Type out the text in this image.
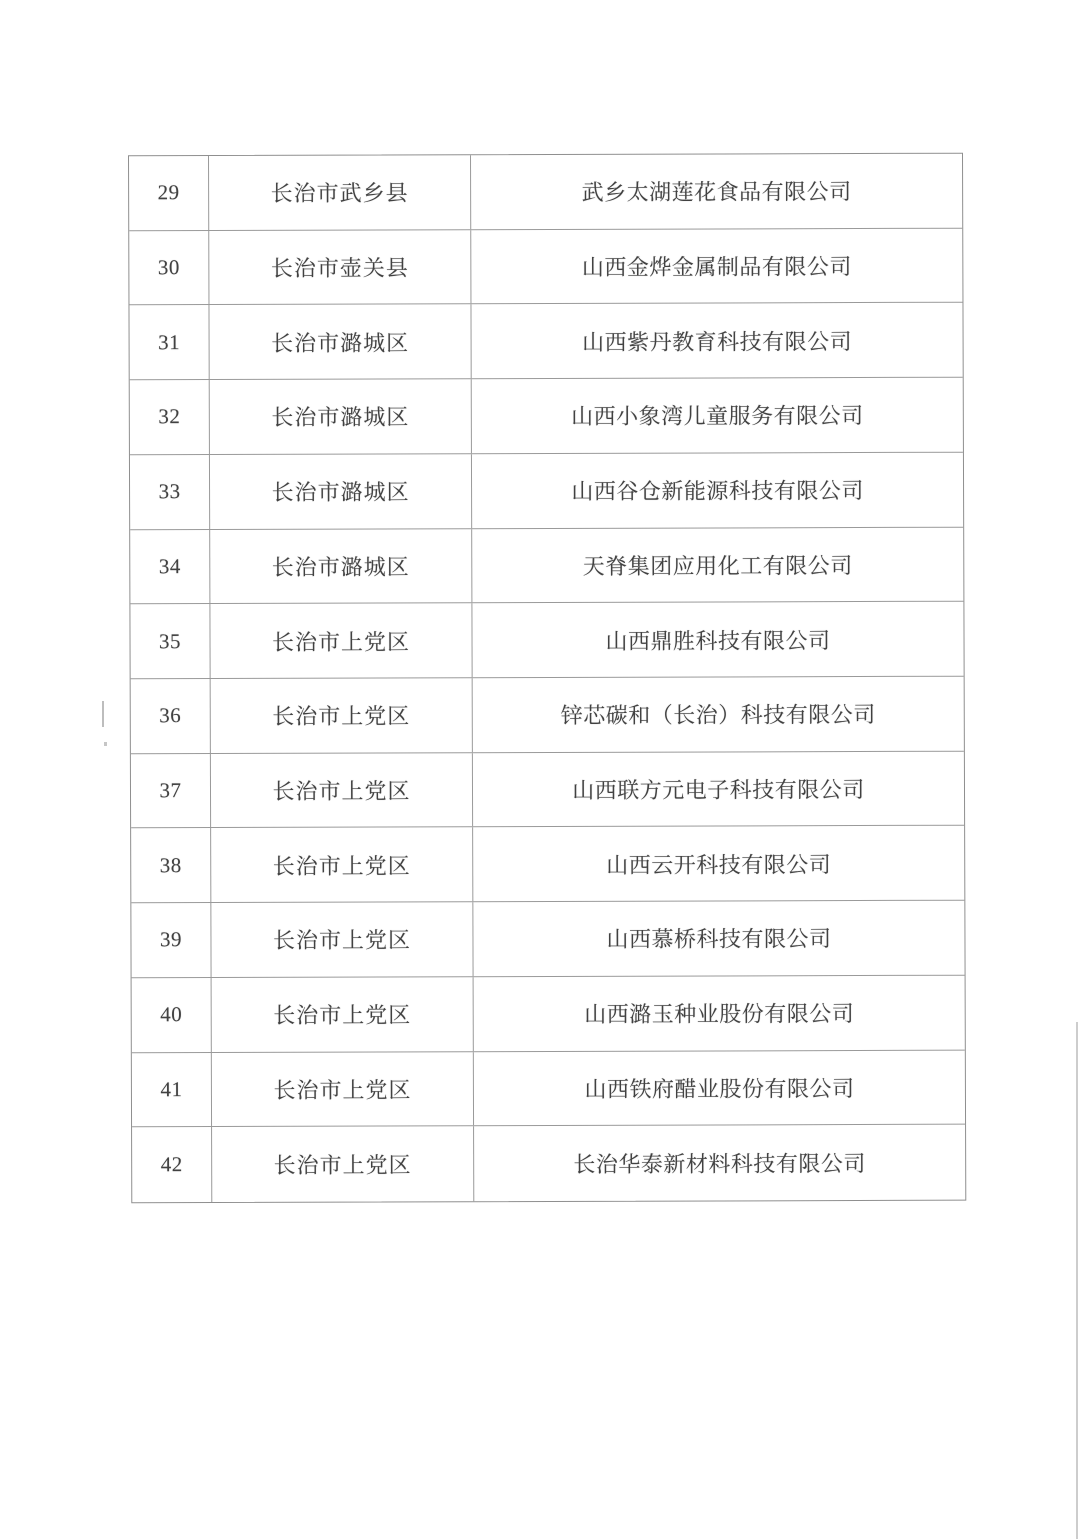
29	长治市武乡县	武乡太湖莲花食品有限公司
30	长治市壶关县	山西金烨金属制品有限公司
31	长治市潞城区	山西紫丹教育科技有限公司
32	长治市潞城区	山西小象湾儿童服务有限公司
33	长治市潞城区	山西谷仓新能源科技有限公司
34	长治市潞城区	天脊集团应用化工有限公司
35	长治市上党区	山西鼎胜科技有限公司
36	长治市上党区	锌芯碳和（长治）科技有限公司
37	长治市上党区	山西联方元电子科技有限公司
38	长治市上党区	山西云开科技有限公司
39	长治市上党区	山西慕桥科技有限公司
40	长治市上党区	山西潞玉种业股份有限公司
41	长治市上党区	山西铁府醋业股份有限公司
42	长治市上党区	长治华泰新材料科技有限公司
